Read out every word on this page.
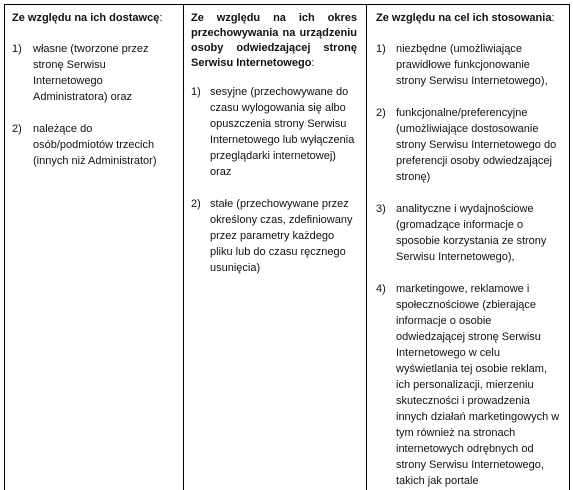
Ze względu na ich dostawcę:
1) własne (tworzone przez stronę Serwisu Internetowego Administratora) oraz
2) należące do osób/podmiotów trzecich (innych niż Administrator)
Ze względu na ich okres przechowywania na urządzeniu osoby odwiedzającej stronę Serwisu Internetowego:
1) sesyjne (przechowywane do czasu wylogowania się albo opuszczenia strony Serwisu Internetowego lub wyłączenia przeglądarki internetowej) oraz
2) stałe (przechowywane przez określony czas, zdefiniowany przez parametry każdego pliku lub do czasu ręcznego usunięcia)
Ze względu na cel ich stosowania:
1) niezbędne (umożliwiające prawidłowe funkcjonowanie strony Serwisu Internetowego),
2) funkcjonalne/preferencyjne (umożliwiające dostosowanie strony Serwisu Internetowego do preferencji osoby odwiedzającej stronę)
3) analityczne i wydajnościowe (gromadzące informacje o sposobie korzystania ze strony Serwisu Internetowego),
4) marketingowe, reklamowe i społecznościowe (zbierające informacje o osobie odwiedzającej stronę Serwisu Internetowego w celu wyświetlania tej osobie reklam, ich personalizacji, mierzeniu skuteczności i prowadzenia innych działań marketingowych w tym również na stronach internetowych odrębnych od strony Serwisu Internetowego, takich jak portale
